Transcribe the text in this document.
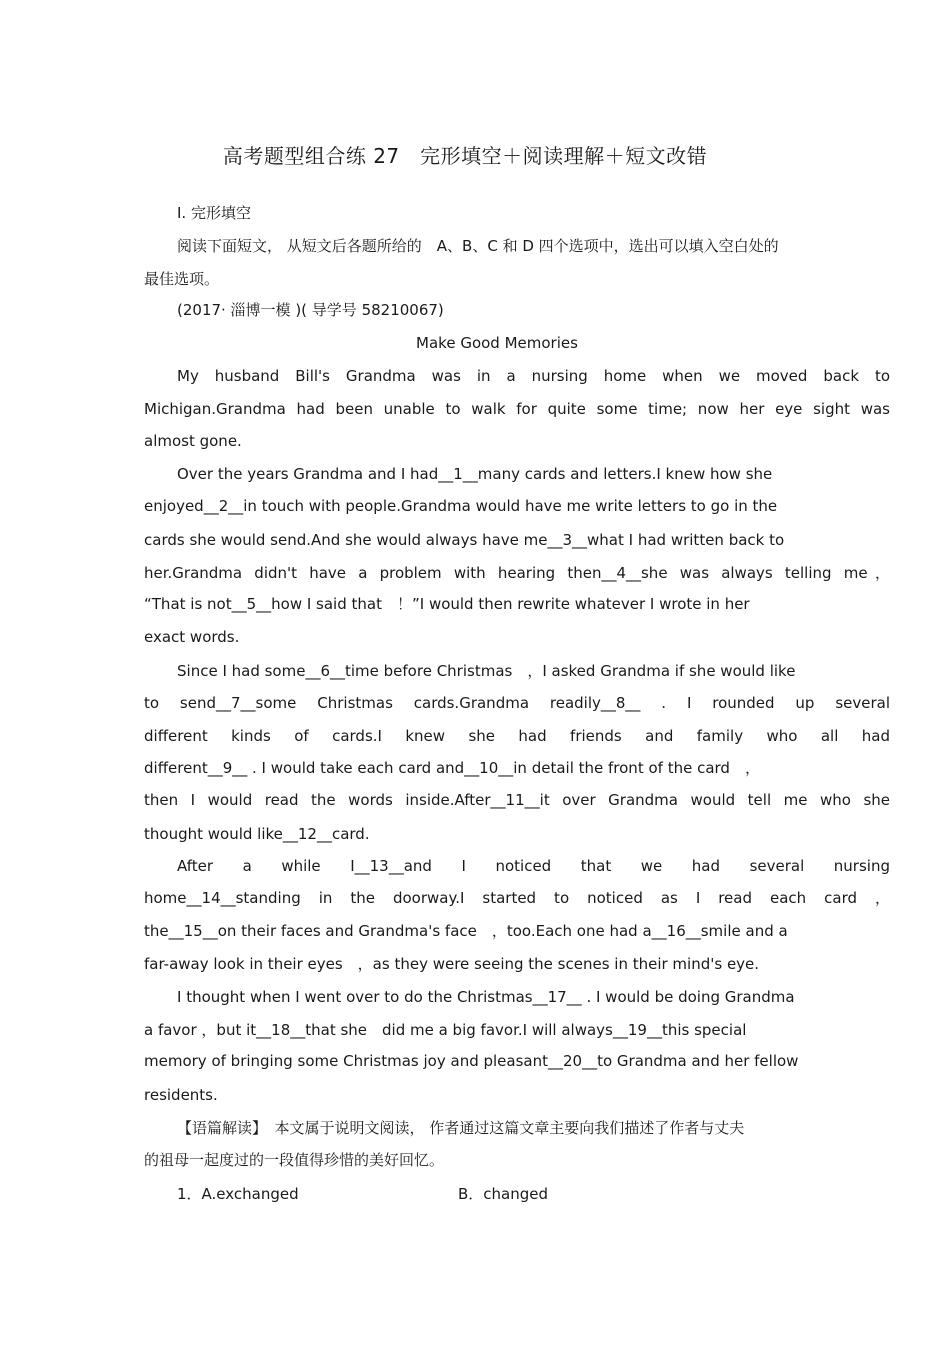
高考题型组合练 27　完形填空＋阅读理解＋短文改错
I. 完形填空
阅读下面短文， 从短文后各题所给的　A、B、C 和 D 四个选项中，选出可以填入空白处的
最佳选项。
(2017· 淄博一模 )( 导学号 58210067)
Make Good Memories
My husband Bill's Grandma was in a nursing home when we moved back to
Michigan.Grandma had been unable to walk for quite some time; now her eye sight was
almost gone.
Over the years Grandma and I had__1__many cards and letters.I knew how she
enjoyed__2__in touch with people.Grandma would have me write letters to go in the
cards she would send.And she would always have me__3__what I had written back to
her.Grandma didn't have a problem with hearing then__4__she was always telling me，
“That is not__5__how I said that　！”I would then rewrite whatever I wrote in her
exact words.
Since I had some__6__time before Christmas　，I asked Grandma if she would like
to send__7__some Christmas cards.Grandma readily__8__ . I rounded up several
different kinds of cards.I knew she had friends and family who all had
different__9__ . I would take each card and__10__in detail the front of the card　，
then I would read the words inside.After__11__it over Grandma would tell me who she
thought would like__12__card.
After a while I__13__and I noticed that we had several nursing
home__14__standing in the doorway.I started to noticed as I read each card ，
the__15__on their faces and Grandma's face　，too.Each one had a__16__smile and a
far-away look in their eyes　，as they were seeing the scenes in their mind's eye.
I thought when I went over to do the Christmas__17__ . I would be doing Grandma
a favor ，but it__18__that she　did me a big favor.I will always__19__this special
memory of bringing some Christmas joy and pleasant__20__to Grandma and her fellow
residents.
【语篇解读】　本文属于说明文阅读， 作者通过这篇文章主要向我们描述了作者与丈夫
的祖母一起度过的一段值得珍惜的美好回忆。
1．A.exchanged	B．changed
